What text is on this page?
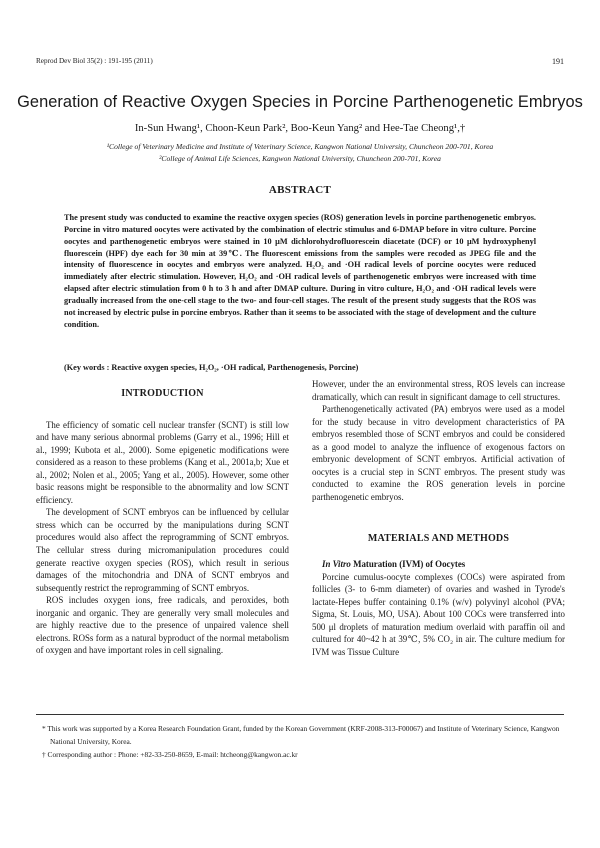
Reprod Dev Biol 35(2) : 191-195 (2011)	191
Generation of Reactive Oxygen Species in Porcine Parthenogenetic Embryos
In-Sun Hwang¹, Choon-Keun Park², Boo-Keun Yang² and Hee-Tae Cheong¹,†
¹College of Veterinary Medicine and Institute of Veterinary Science, Kangwon National University, Chuncheon 200-701, Korea
²College of Animal Life Sciences, Kangwon National University, Chuncheon 200-701, Korea
ABSTRACT

The present study was conducted to examine the reactive oxygen species (ROS) generation levels in porcine parthenogenetic embryos. Porcine in vitro matured oocytes were activated by the combination of electric stimulus and 6-DMAP before in vitro culture. Porcine oocytes and parthenogenetic embryos were stained in 10 μM dichlorohydrofluorescein diacetate (DCF) or 10 μM hydroxyphenyl fluorescein (HPF) dye each for 30 min at 39℃. The fluorescent emissions from the samples were recoded as JPEG file and the intensity of fluorescence in oocytes and embryos were analyzed. H₂O₂ and ·OH radical levels of porcine oocytes were reduced immediately after electric stimulation. However, H₂O₂ and ·OH radical levels of parthenogenetic embryos were increased with time elapsed after electric stimulation from 0 h to 3 h and after DMAP culture. During in vitro culture, H₂O₂ and ·OH radical levels were gradually increased from the one-cell stage to the two- and four-cell stages. The result of the present study suggests that the ROS was not increased by electric pulse in porcine embryos. Rather than it seems to be associated with the stage of development and the culture condition.

(Key words : Reactive oxygen species, H₂O₂, ·OH radical, Parthenogenesis, Porcine)
INTRODUCTION

The efficiency of somatic cell nuclear transfer (SCNT) is still low and have many serious abnormal problems (Garry et al., 1996; Hill et al., 1999; Kubota et al., 2000). Some epigenetic modifications were considered as a reason to these problems (Kang et al., 2001a,b; Xue et al., 2002; Nolen et al., 2005; Yang et al., 2005). However, some other basic reasons might be responsible to the abnormality and low SCNT efficiency.

The development of SCNT embryos can be influenced by cellular stress which can be occurred by the manipulations during SCNT procedures would also affect the reprogramming of SCNT embryos. The cellular stress during micromanipulation procedures could generate reactive oxygen species (ROS), which result in serious damages of the mitochondria and DNA of SCNT embryos and subsequently restrict the reprogramming of SCNT embryos.

ROS includes oxygen ions, free radicals, and peroxides, both inorganic and organic. They are generally very small molecules and are highly reactive due to the presence of unpaired valence shell electrons. ROSs form as a natural byproduct of the normal metabolism of oxygen and have important roles in cell signaling.

However, under the an environmental stress, ROS levels can increase dramatically, which can result in significant damage to cell structures.

Parthenogenetically activated (PA) embryos were used as a model for the study because in vitro development characteristics of PA embryos resembled those of SCNT embryos and could be considered as a good model to analyze the influence of exogenous factors on embryonic development of SCNT embryos. Artificial activation of oocytes is a crucial step in SCNT embryos. The present study was conducted to examine the ROS generation levels in porcine parthenogenetic embryos.

MATERIALS AND METHODS
In Vitro Maturation (IVM) of Oocytes

Porcine cumulus-oocyte complexes (COCs) were aspirated from follicles (3- to 6-mm diameter) of ovaries and washed in Tyrode's lactate-Hepes buffer containing 0.1% (w/v) polyvinyl alcohol (PVA; Sigma, St. Louis, MO, USA). About 100 COCs were transferred into 500 μl droplets of maturation medium overlaid with paraffin oil and cultured for 40~42 h at 39℃, 5% CO₂ in air. The culture medium for IVM was Tissue Culture

* This work was supported by a Korea Research Foundation Grant, funded by the Korean Government (KRF-2008-313-F00067) and Institute of Veterinary Science, Kangwon National University, Korea.
† Corresponding author : Phone: +82-33-250-8659, E-mail: htcheong@kangwon.ac.kr
